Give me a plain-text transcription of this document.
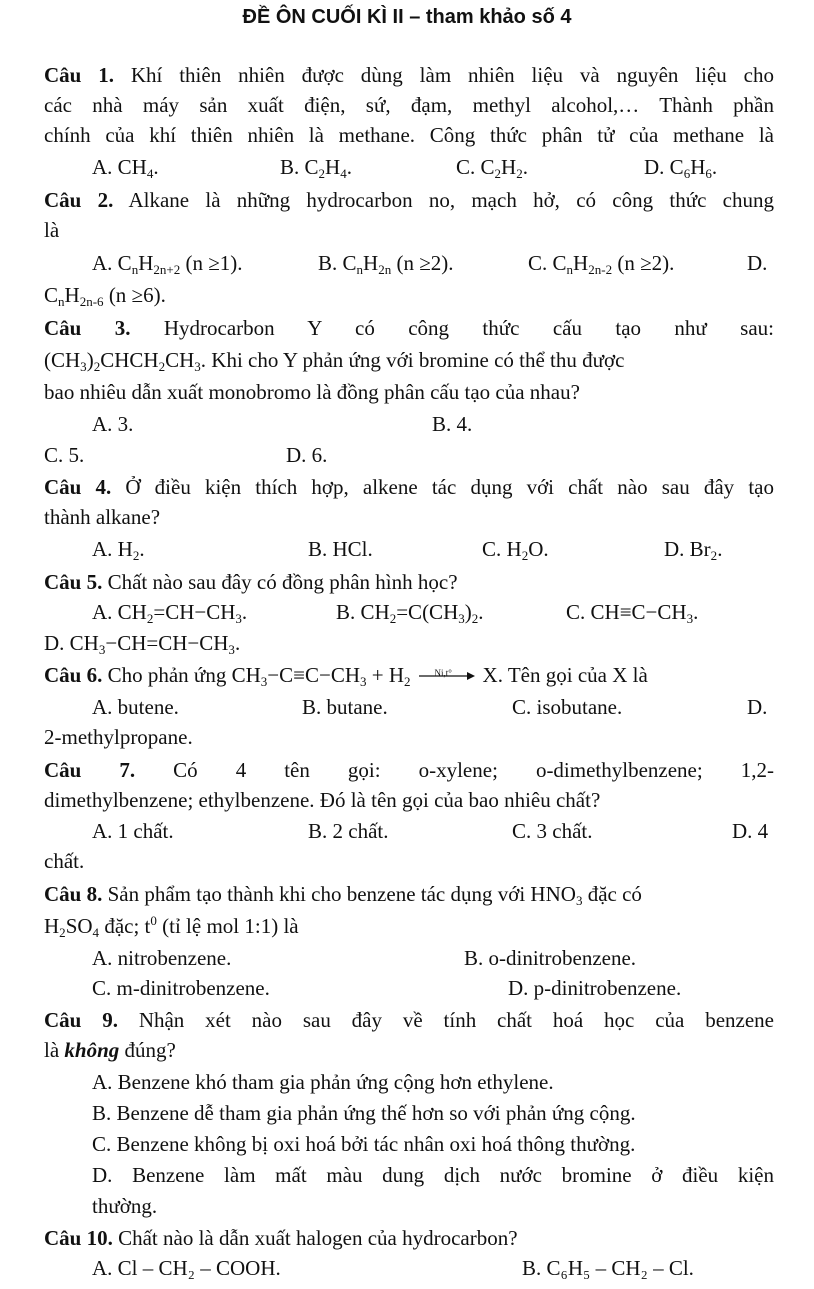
ĐỀ ÔN CUỐI KÌ II – tham khảo số 4
Câu 1. Khí thiên nhiên được dùng làm nhiên liệu và nguyên liệu cho
các nhà máy sản xuất điện, sứ, đạm, methyl alcohol,… Thành phần
chính của khí thiên nhiên là methane. Công thức phân tử của methane là
A. $CH_4$.	B. $C_2H_4$.	C. $C_2H_2$.	D. $C_6H_6$.
Câu 2. Alkane là những hydrocarbon no, mạch hở, có công thức chung
là
A. $C_nH_{2n+2}$ (n ≥1).	B. $C_nH_{2n}$ (n ≥2).	C. $C_nH_{2n-2}$ (n ≥2).	D.
$C_nH_{2n-6}$ (n ≥6).
Câu 3. Hydrocarbon Y có công thức cấu tạo như sau:
$(CH_3)_2CHCH_2CH_3$. Khi cho Y phản ứng với bromine có thể thu được
bao nhiêu dẫn xuất monobromo là đồng phân cấu tạo của nhau?
A. 3.	B. 4.
C. 5.	D. 6.
Câu 4. Ở điều kiện thích hợp, alkene tác dụng với chất nào sau đây tạo
thành alkane?
A. $H_2$.	B. HCl.	C. $H_2O$.	D. $Br_2$.
Câu 5. Chất nào sau đây có đồng phân hình học?
A. $CH_2=CH-CH_3$.	B. $CH_2=C(CH_3)_2$.	C. $CH\equiv C-CH_3$.
D. $CH_3-CH=CH-CH_3$.
Câu 6. Cho phản ứng $CH_3-C\equiv C-CH_3 + H_2$
Ni,t° X. Tên gọi của X là
A. butene.	B. butane.	C. isobutane.	D.
2-methylpropane.
Câu 7. Có 4 tên gọi: o-xylene; o-dimethylbenzene; 1,2-
dimethylbenzene; ethylbenzene. Đó là tên gọi của bao nhiêu chất?
A. 1 chất.	B. 2 chất.	C. 3 chất.	D. 4
chất.
Câu 8. Sản phẩm tạo thành khi cho benzene tác dụng với $HNO_3$ đặc có
$H_2SO_4$ đặc; $t^0$ (tỉ lệ mol 1:1) là
A. nitrobenzene.	B. o-dinitrobenzene.
C. m-dinitrobenzene.	D. p-dinitrobenzene.
Câu 9. Nhận xét nào sau đây về tính chất hoá học của benzene
là không đúng?
A. Benzene khó tham gia phản ứng cộng hơn ethylene.
B. Benzene dễ tham gia phản ứng thế hơn so với phản ứng cộng.
C. Benzene không bị oxi hoá bởi tác nhân oxi hoá thông thường.
D. Benzene làm mất màu dung dịch nước bromine ở điều kiện
thường.
Câu 10. Chất nào là dẫn xuất halogen của hydrocarbon?
A. Cl – CH₂ – COOH.	B. C₆H₅ – CH₂ – Cl.
